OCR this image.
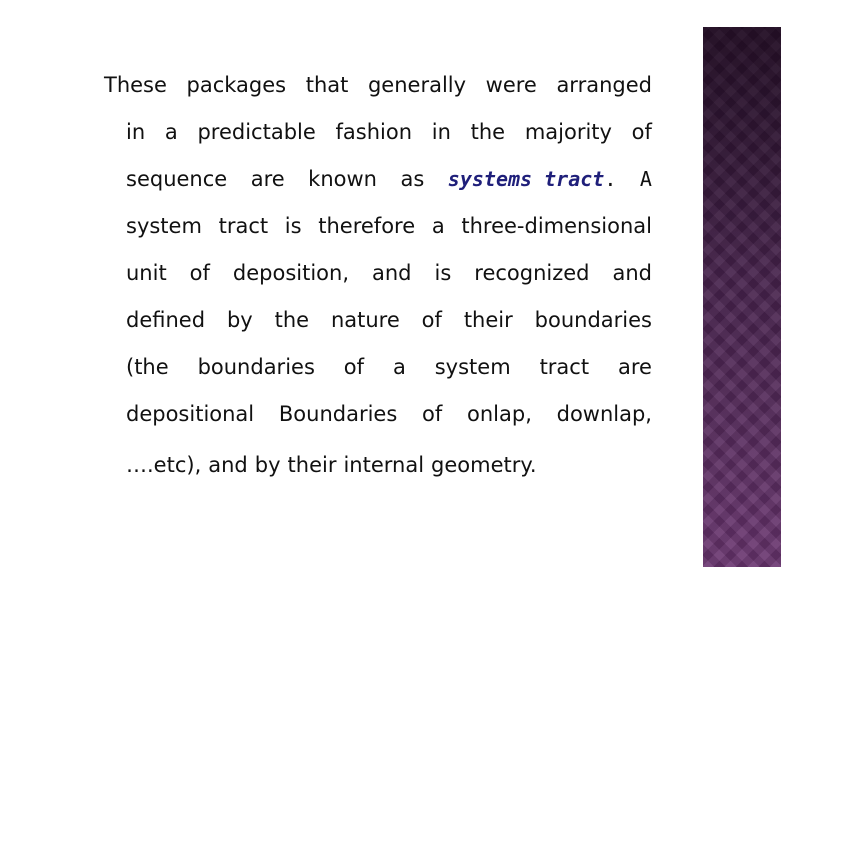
These packages that generally were arranged
in a predictable fashion in the majority of
sequence are known as systems tract. A
system tract is therefore a three-dimensional
unit of deposition, and is recognized and
defined by the nature of their boundaries
(the boundaries of a system tract are
depositional Boundaries of onlap, downlap,
….etc), and by their internal geometry.
